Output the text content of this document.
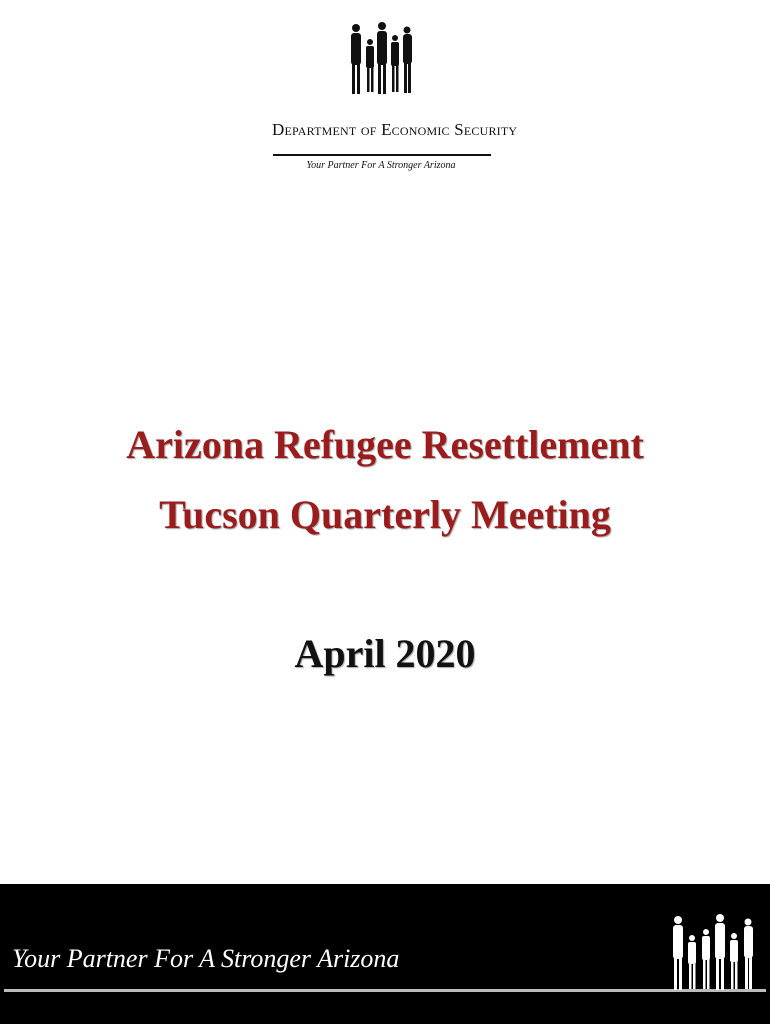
Department of Economic Security
Your Partner For A Stronger Arizona
Arizona Refugee Resettlement
Tucson Quarterly Meeting
April 2020
Your Partner For A Stronger Arizona
